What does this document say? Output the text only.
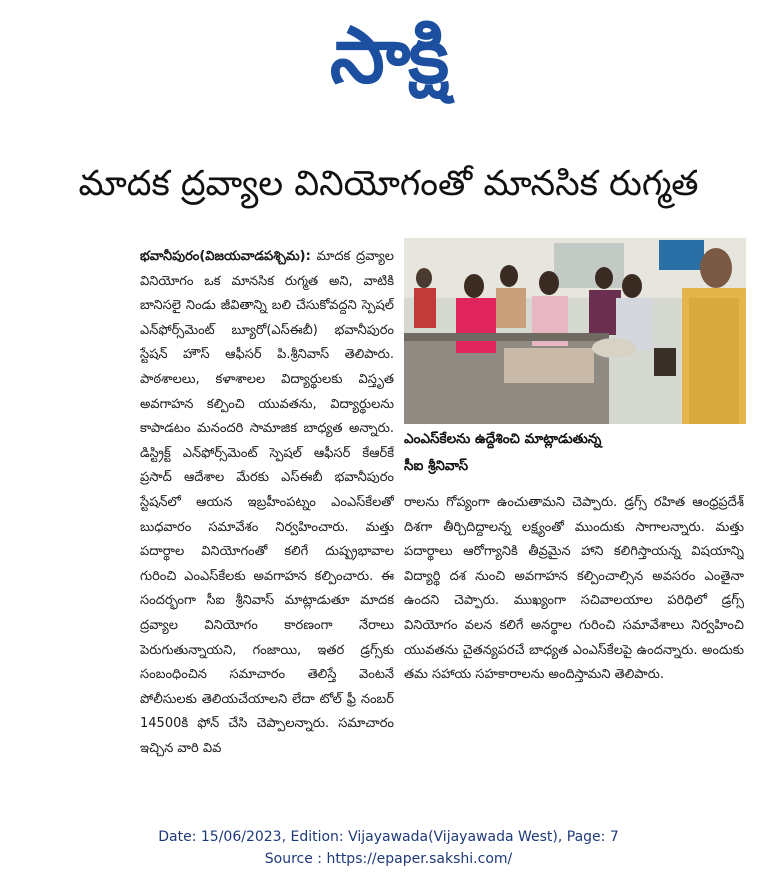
సాక్షి
మాదక ద్రవ్యాల వినియోగంతో మానసిక రుగ్మత
భవానీపురం(విజయవాడపశ్చిమ): మాదక ద్రవ్యాల వినియోగం ఒక మానసిక రుగ్మత అని, వాటికి బానిసలై నిండు జీవితాన్ని బలి చేసుకోవద్దని స్పెషల్ ఎన్‌ఫోర్స్‌మెంట్ బ్యూరో(ఎస్‌ఈబీ) భవానీపురం స్టేషన్ హౌస్ ఆఫీసర్ పి.శ్రీనివాస్ తెలిపారు. పాఠశాలలు, కళాశాలల విద్యార్థులకు విస్తృత అవగాహన కల్పించి యువతను, విద్యార్థులను కాపాడటం మనందరి సామాజిక బాధ్యత అన్నారు. డిస్ట్రిక్ట్ ఎన్‌ఫోర్స్‌మెంట్ స్పెషల్ ఆఫీసర్ కేఆర్‌కే ప్రసాద్ ఆదేశాల మేరకు ఎస్‌ఈబీ భవానీపురం స్టేషన్‌లో ఆయన ఇబ్రహీంపట్నం ఎంఎస్‌కేలతో బుధవారం సమావేశం నిర్వహించారు. మత్తు పదార్థాల వినియోగంతో కలిగే దుష్ప్రభావాల గురించి ఎంఎస్‌కేలకు అవగాహన కల్పించారు. ఈ సందర్భంగా సీఐ శ్రీనివాస్ మాట్లాడుతూ మాదక ద్రవ్యాల వినియోగం కారణంగా నేరాలు పెరుగుతున్నాయని, గంజాయి, ఇతర డ్రగ్స్‌కు సంబంధించిన సమాచారం తెలిస్తే వెంటనే పోలీసులకు తెలియచేయాలని లేదా టోల్ ఫ్రీ నంబర్ 14500కి ఫోన్ చేసి చెప్పాలన్నారు. సమాచారం ఇచ్చిన వారి వివ
ఎంఎస్‌కేలను ఉద్దేశించి మాట్లాడుతున్న
సీఐ శ్రీనివాస్
రాలను గోప్యంగా ఉంచుతామని చెప్పారు. డ్రగ్స్ రహిత ఆంధ్రప్రదేశ్ దిశగా తీర్చిదిద్దాలన్న లక్ష్యంతో ముందుకు సాగాలన్నారు. మత్తు పదార్థాలు ఆరోగ్యానికి తీవ్రమైన హాని కలిగిస్తాయన్న విషయాన్ని విద్యార్థి దశ నుంచి అవగాహన కల్పించాల్సిన అవసరం ఎంతైనా ఉందని చెప్పారు. ముఖ్యంగా సచివాలయాల పరిధిలో డ్రగ్స్ వినియోగం వలన కలిగే అనర్థాల గురించి సమావేశాలు నిర్వహించి యువతను చైతన్యపరచే బాధ్యత ఎంఎస్‌కేలపై ఉందన్నారు. అందుకు తమ సహాయ సహకారాలను అందిస్తామని తెలిపారు.
Date: 15/06/2023, Edition: Vijayawada(Vijayawada West), Page: 7
Source : https://epaper.sakshi.com/
